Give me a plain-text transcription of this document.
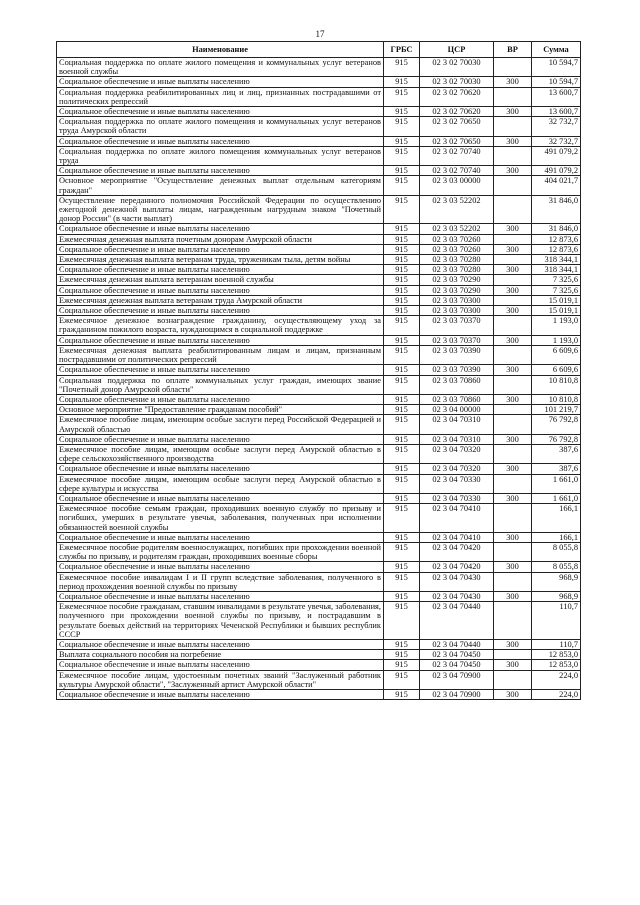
17
Наименование	ГРБС	ЦСР	ВР	Сумма
Социальная поддержка по оплате жилого помещения и коммунальных услуг ветеранов военной службы	915	02 3 02 70030		10 594,7
Социальное обеспечение и иные выплаты населению	915	02 3 02 70030	300	10 594,7
Социальная поддержка реабилитированных лиц и лиц, признанных пострадавшими от политических репрессий	915	02 3 02 70620		13 600,7
Социальное обеспечение и иные выплаты населению	915	02 3 02 70620	300	13 600,7
Социальная поддержка по оплате жилого помещения и коммунальных услуг ветеранов труда Амурской области	915	02 3 02 70650		32 732,7
Социальное обеспечение и иные выплаты населению	915	02 3 02 70650	300	32 732,7
Социальная поддержка по оплате жилого помещения коммунальных услуг ветеранов труда	915	02 3 02 70740		491 079,2
Социальное обеспечение и иные выплаты населению	915	02 3 02 70740	300	491 079,2
Основное мероприятие "Осуществление денежных выплат отдельным категориям граждан"	915	02 3 03 00000		404 021,7
Осуществление переданного полномочия Российской Федерации по осуществлению ежегодной денежной выплаты лицам, награжденным нагрудным знаком "Почетный донор России" (в части выплат)	915	02 3 03 52202		31 846,0
Социальное обеспечение и иные выплаты населению	915	02 3 03 52202	300	31 846,0
Ежемесячная денежная выплата почетным донорам Амурской области	915	02 3 03 70260		12 873,6
Социальное обеспечение и иные выплаты населению	915	02 3 03 70260	300	12 873,6
Ежемесячная денежная выплата ветеранам труда, труженикам тыла, детям войны	915	02 3 03 70280		318 344,1
Социальное обеспечение и иные выплаты населению	915	02 3 03 70280	300	318 344,1
Ежемесячная денежная выплата ветеранам военной службы	915	02 3 03 70290		7 325,6
Социальное обеспечение и иные выплаты населению	915	02 3 03 70290	300	7 325,6
Ежемесячная денежная выплата ветеранам труда Амурской области	915	02 3 03 70300		15 019,1
Социальное обеспечение и иные выплаты населению	915	02 3 03 70300	300	15 019,1
Ежемесячное денежное вознаграждение гражданину, осуществляющему уход за гражданином пожилого возраста, нуждающимся в социальной поддержке	915	02 3 03 70370		1 193,0
Социальное обеспечение и иные выплаты населению	915	02 3 03 70370	300	1 193,0
Ежемесячная денежная выплата реабилитированным лицам и лицам, признанным пострадавшими от политических репрессий	915	02 3 03 70390		6 609,6
Социальное обеспечение и иные выплаты населению	915	02 3 03 70390	300	6 609,6
Социальная поддержка по оплате коммунальных услуг граждан, имеющих звание "Почетный донор Амурской области"	915	02 3 03 70860		10 810,8
Социальное обеспечение и иные выплаты населению	915	02 3 03 70860	300	10 810,8
Основное мероприятие "Предоставление гражданам пособий"	915	02 3 04 00000		101 219,7
Ежемесячное пособие лицам, имеющим особые заслуги перед Российской Федерацией и Амурской областью	915	02 3 04 70310		76 792,8
Социальное обеспечение и иные выплаты населению	915	02 3 04 70310	300	76 792,8
Ежемесячное пособие лицам, имеющим особые заслуги перед Амурской областью в сфере сельскохозяйственного производства	915	02 3 04 70320		387,6
Социальное обеспечение и иные выплаты населению	915	02 3 04 70320	300	387,6
Ежемесячное пособие лицам, имеющим особые заслуги перед Амурской областью в сфере культуры и искусства	915	02 3 04 70330		1 661,0
Социальное обеспечение и иные выплаты населению	915	02 3 04 70330	300	1 661,0
Ежемесячное пособие семьям граждан, проходивших военную службу по призыву и погибших, умерших в результате увечья, заболевания, полученных при исполнении обязанностей военной службы	915	02 3 04 70410		166,1
Социальное обеспечение и иные выплаты населению	915	02 3 04 70410	300	166,1
Ежемесячное пособие родителям военнослужащих, погибших при прохождении военной службы по призыву, и родителям граждан, проходивших военные сборы	915	02 3 04 70420		8 055,8
Социальное обеспечение и иные выплаты населению	915	02 3 04 70420	300	8 055,8
Ежемесячное пособие инвалидам I и II групп вследствие заболевания, полученного в период прохождения военной службы по призыву	915	02 3 04 70430		968,9
Социальное обеспечение и иные выплаты населению	915	02 3 04 70430	300	968,9
Ежемесячное пособие гражданам, ставшим инвалидами в результате увечья, заболевания, полученного при прохождении военной службы по призыву, и пострадавшим в результате боевых действий на территориях Чеченской Республики и бывших республик СССР	915	02 3 04 70440		110,7
Социальное обеспечение и иные выплаты населению	915	02 3 04 70440	300	110,7
Выплата социального пособия на погребение	915	02 3 04 70450		12 853,0
Социальное обеспечение и иные выплаты населению	915	02 3 04 70450	300	12 853,0
Ежемесячное пособие лицам, удостоенным почетных званий "Заслуженный работник культуры Амурской области", "Заслуженный артист Амурской области"	915	02 3 04 70900		224,0
Социальное обеспечение и иные выплаты населению	915	02 3 04 70900	300	224,0
